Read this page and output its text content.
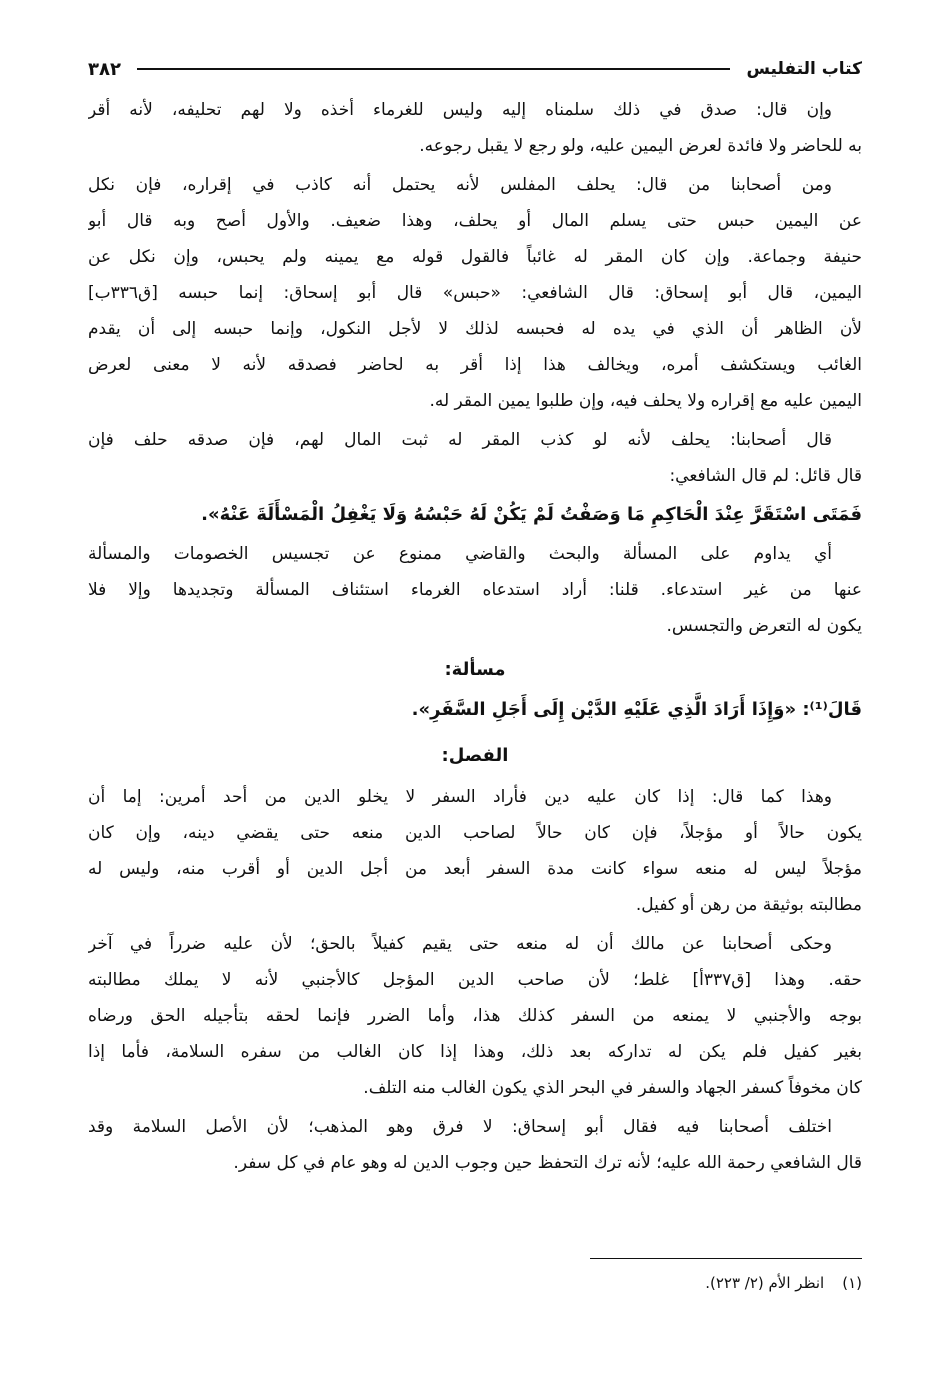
كتاب التفليس
٣٨٢
وإن قال: صدق في ذلك سلمناه إليه وليس للغرماء أخذه ولا لهم تحليفه، لأنه أقر
به للحاضر ولا فائدة لعرض اليمين عليه، ولو رجع لا يقبل رجوعه.
ومن أصحابنا من قال: يحلف المفلس لأنه يحتمل أنه كاذب في إقراره، فإن نكل
عن اليمين حبس حتى يسلم المال أو يحلف، وهذا ضعيف. والأول أصح وبه قال أبو
حنيفة وجماعة. وإن كان المقر له غائباً فالقول قوله مع يمينه ولم يحبس، وإن نكل عن
اليمين، قال أبو إسحاق: قال الشافعي: «حبس» قال أبو إسحاق: إنما حبسه [ق٣٣٦ب]
لأن الظاهر أن الذي في يده له فحبسه لذلك لا لأجل النكول، وإنما حبسه إلى أن يقدم
الغائب ويستكشف أمره، ويخالف هذا إذا أقر به لحاضر فصدقه لأنه لا معنى لعرض
اليمين عليه مع إقراره ولا يحلف فيه، وإن طلبوا يمين المقر له.
قال أصحابنا: يحلف لأنه لو كذب المقر له ثبت المال لهم، فإن صدقه حلف فإن
قال قائل: لم قال الشافعي:
فَمَتَى اسْتَقَرَّ عِنْدَ الْحَاكِمِ مَا وَصَفْتُ لَمْ يَكُنْ لَهُ حَبْسُهُ وَلَا يَغْفِلُ الْمَسْأَلَةَ عَنْهُ».
أي يداوم على المسألة والبحث والقاضي ممنوع عن تجسيس الخصومات والمسألة
عنها من غير استدعاء. قلنا: أراد استدعاه الغرماء استئناف المسألة وتجديدها وإلا فلا
يكون له التعرض والتجسس.
مسألة:
قَالَ⁽¹⁾: «وَإِذَا أَرَادَ الَّذِي عَلَيْهِ الدَّيْن إِلَى أَجَلِ السَّفَرِ».
الفصل:
وهذا كما قال: إذا كان عليه دين فأراد السفر لا يخلو الدين من أحد أمرين: إما أن
يكون حالاً أو مؤجلاً، فإن كان حالاً لصاحب الدين منعه حتى يقضي دينه، وإن كان
مؤجلاً ليس له منعه سواء كانت مدة السفر أبعد من أجل الدين أو أقرب منه، وليس له
مطالبته بوثيقة من رهن أو كفيل.
وحكى أصحابنا عن مالك أن له منعه حتى يقيم كفيلاً بالحق؛ لأن عليه ضرراً في آخر
حقه. وهذا [ق٣٣٧أ] غلط؛ لأن صاحب الدين المؤجل كالأجنبي لأنه لا يملك مطالبته
بوجه والأجنبي لا يمنعه من السفر كذلك هذا، وأما الضرر فإنما لحقه بتأجيله الحق ورضاه
بغير كفيل فلم يكن له تداركه بعد ذلك، وهذا إذا كان الغالب من سفره السلامة، فأما إذا
كان مخوفاً كسفر الجهاد والسفر في البحر الذي يكون الغالب منه التلف.
اختلف أصحابنا فيه فقال أبو إسحاق: لا فرق وهو المذهب؛ لأن الأصل السلامة وقد
قال الشافعي رحمة الله عليه؛ لأنه ترك التحفظ حين وجوب الدين له وهو عام في كل سفر.
(١)انظر الأم (٢/ ٢٢٣).
